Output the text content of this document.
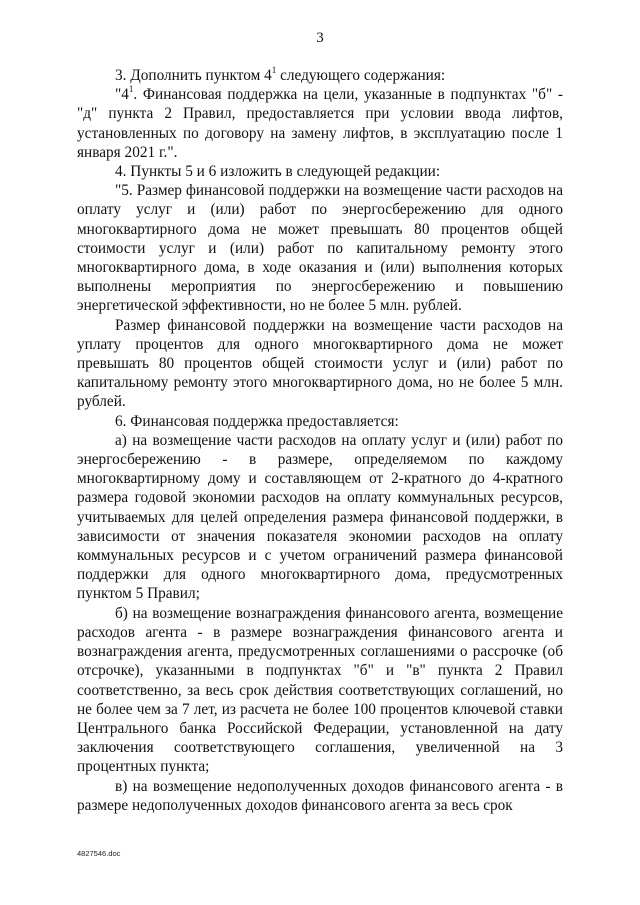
3

3. Дополнить пунктом $4^1$ следующего содержания:

"$4^1$. Финансовая поддержка на цели, указанные в подпунктах "б" - "д" пункта 2 Правил, предоставляется при условии ввода лифтов, установленных по договору на замену лифтов, в эксплуатацию после 1 января 2021 г.".

4. Пункты 5 и 6 изложить в следующей редакции:

"5. Размер финансовой поддержки на возмещение части расходов на оплату услуг и (или) работ по энергосбережению для одного многоквартирного дома не может превышать 80 процентов общей стоимости услуг и (или) работ по капитальному ремонту этого многоквартирного дома, в ходе оказания и (или) выполнения которых выполнены мероприятия по энергосбережению и повышению энергетической эффективности, но не более 5 млн. рублей.

Размер финансовой поддержки на возмещение части расходов на уплату процентов для одного многоквартирного дома не может превышать 80 процентов общей стоимости услуг и (или) работ по капитальному ремонту этого многоквартирного дома, но не более 5 млн. рублей.

6. Финансовая поддержка предоставляется:

а) на возмещение части расходов на оплату услуг и (или) работ по энергосбережению - в размере, определяемом по каждому многоквартирному дому и составляющем от 2-кратного до 4-кратного размера годовой экономии расходов на оплату коммунальных ресурсов, учитываемых для целей определения размера финансовой поддержки, в зависимости от значения показателя экономии расходов на оплату коммунальных ресурсов и с учетом ограничений размера финансовой поддержки для одного многоквартирного дома, предусмотренных пунктом 5 Правил;

б) на возмещение вознаграждения финансового агента, возмещение расходов агента - в размере вознаграждения финансового агента и вознаграждения агента, предусмотренных соглашениями о рассрочке (об отсрочке), указанными в подпунктах "б" и "в" пункта 2 Правил соответственно, за весь срок действия соответствующих соглашений, но не более чем за 7 лет, из расчета не более 100 процентов ключевой ставки Центрального банка Российской Федерации, установленной на дату заключения соответствующего соглашения, увеличенной на 3 процентных пункта;

в) на возмещение недополученных доходов финансового агента - в размере недополученных доходов финансового агента за весь срок

4827546.doc
